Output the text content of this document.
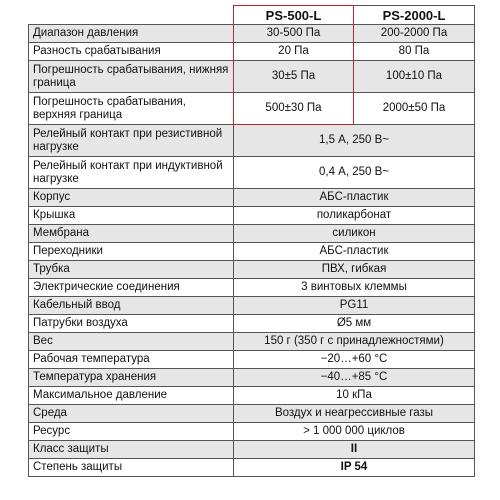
	PS-500-L	PS-2000-L
Диапазон давления	30-500 Па	200-2000 Па
Разность срабатывания	20 Па	80 Па
Погрешность срабатывания, нижняя граница	30±5 Па	100±10 Па
Погрешность срабатывания, верхняя граница	500±30 Па	2000±50 Па
Релейный контакт при резистивной нагрузке	1,5 А, 250 В~	
Релейный контакт при индуктивной нагрузке	0,4 А, 250 В~	
Корпус	АБС-пластик	
Крышка	поликарбонат	
Мембрана	силикон	
Переходники	АБС-пластик	
Трубка	ПВХ, гибкая	
Электрические соединения	3 винтовых клеммы	
Кабельный ввод	PG11	
Патрубки воздуха	Ø5 мм	
Вес	150 г (350 г с принадлежностями)	
Рабочая температура	−20…+60 °C	
Температура хранения	−40…+85 °C	
Максимальное давление	10 кПа	
Среда	Воздух и неагрессивные газы	
Ресурс	> 1 000 000 циклов	
Класс защиты	II	
Степень защиты	IP 54	
